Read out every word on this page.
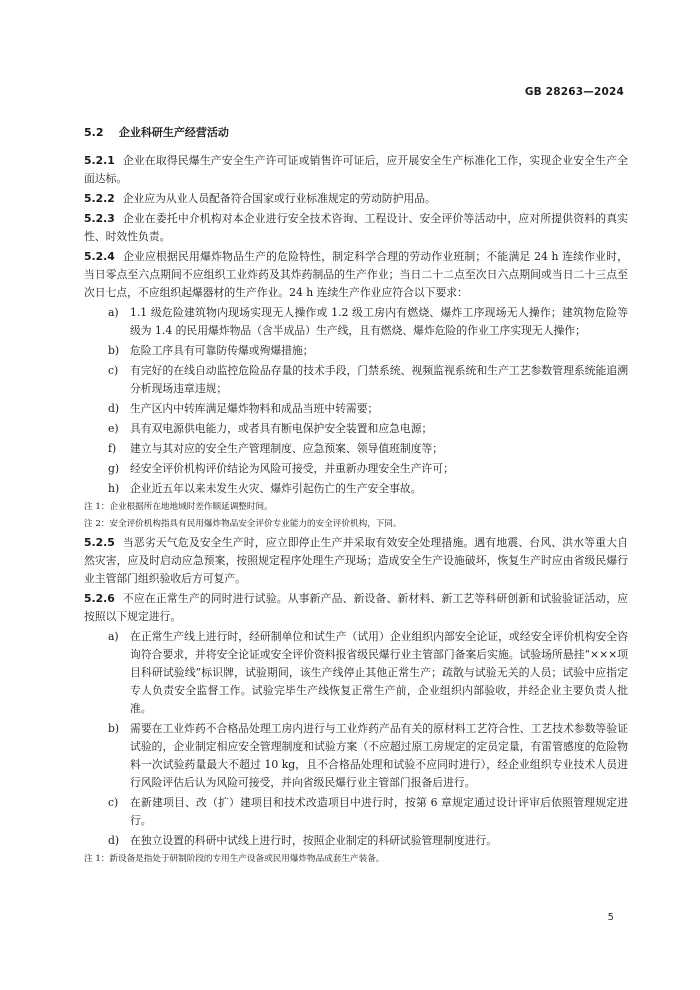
GB 28263—2024
5.2 企业科研生产经营活动
5.2.1 企业在取得民爆生产安全生产许可证或销售许可证后，应开展安全生产标准化工作，实现企业安全生产全面达标。
5.2.2 企业应为从业人员配备符合国家或行业标准规定的劳动防护用品。
5.2.3 企业在委托中介机构对本企业进行安全技术咨询、工程设计、安全评价等活动中，应对所提供资料的真实性、时效性负责。
5.2.4 企业应根据民用爆炸物品生产的危险特性，制定科学合理的劳动作业班制；不能满足 24 h 连续作业时，当日零点至六点期间不应组织工业炸药及其炸药制品的生产作业；当日二十二点至次日六点期间或当日二十三点至次日七点，不应组织起爆器材的生产作业。24 h 连续生产作业应符合以下要求：
a) 1.1 级危险建筑物内现场实现无人操作或 1.2 级工房内有燃烧、爆炸工序现场无人操作；建筑物危险等级为 1.4 的民用爆炸物品（含半成品）生产线，且有燃烧、爆炸危险的作业工序实现无人操作；
b) 危险工序具有可靠防传爆或殉爆措施；
c) 有完好的在线自动监控危险品存量的技术手段，门禁系统、视频监视系统和生产工艺参数管理系统能追溯分析现场违章违规；
d) 生产区内中转库满足爆炸物料和成品当班中转需要；
e) 具有双电源供电能力，或者具有断电保护安全装置和应急电源；
f) 建立与其对应的安全生产管理制度、应急预案、领导值班制度等；
g) 经安全评价机构评价结论为风险可接受，并重新办理安全生产许可；
h) 企业近五年以来未发生火灾、爆炸引起伤亡的生产安全事故。
注 1：企业根据所在地地域时差作顺延调整时间。
注 2：安全评价机构指具有民用爆炸物品安全评价专业能力的安全评价机构，下同。
5.2.5 当恶劣天气危及安全生产时，应立即停止生产并采取有效安全处理措施。遇有地震、台风、洪水等重大自然灾害，应及时启动应急预案，按照规定程序处理生产现场；造成安全生产设施破坏，恢复生产时应由省级民爆行业主管部门组织验收后方可复产。
5.2.6 不应在正常生产的同时进行试验。从事新产品、新设备、新材料、新工艺等科研创新和试验验证活动，应按照以下规定进行。
a) 在正常生产线上进行时，经研制单位和试生产（试用）企业组织内部安全论证，或经安全评价机构安全咨询符合要求，并将安全论证或安全评价资料报省级民爆行业主管部门备案后实施。试验场所悬挂“×××项目科研试验线”标识牌，试验期间，该生产线停止其他正常生产；疏散与试验无关的人员；试验中应指定专人负责安全监督工作。试验完毕生产线恢复正常生产前，企业组织内部验收，并经企业主要负责人批准。
b) 需要在工业炸药不合格品处理工房内进行与工业炸药产品有关的原材料工艺符合性、工艺技术参数等验证试验的，企业制定相应安全管理制度和试验方案（不应超过原工房规定的定员定量，有雷管感度的危险物料一次试验药量最大不超过 10 kg，且不合格品处理和试验不应同时进行），经企业组织专业技术人员进行风险评估后认为风险可接受，并向省级民爆行业主管部门报备后进行。
c) 在新建项目、改（扩）建项目和技术改造项目中进行时，按第 6 章规定通过设计评审后依照管理规定进行。
d) 在独立设置的科研中试线上进行时，按照企业制定的科研试验管理制度进行。
注 1：新设备是指处于研制阶段的专用生产设备或民用爆炸物品成套生产装备。
5
